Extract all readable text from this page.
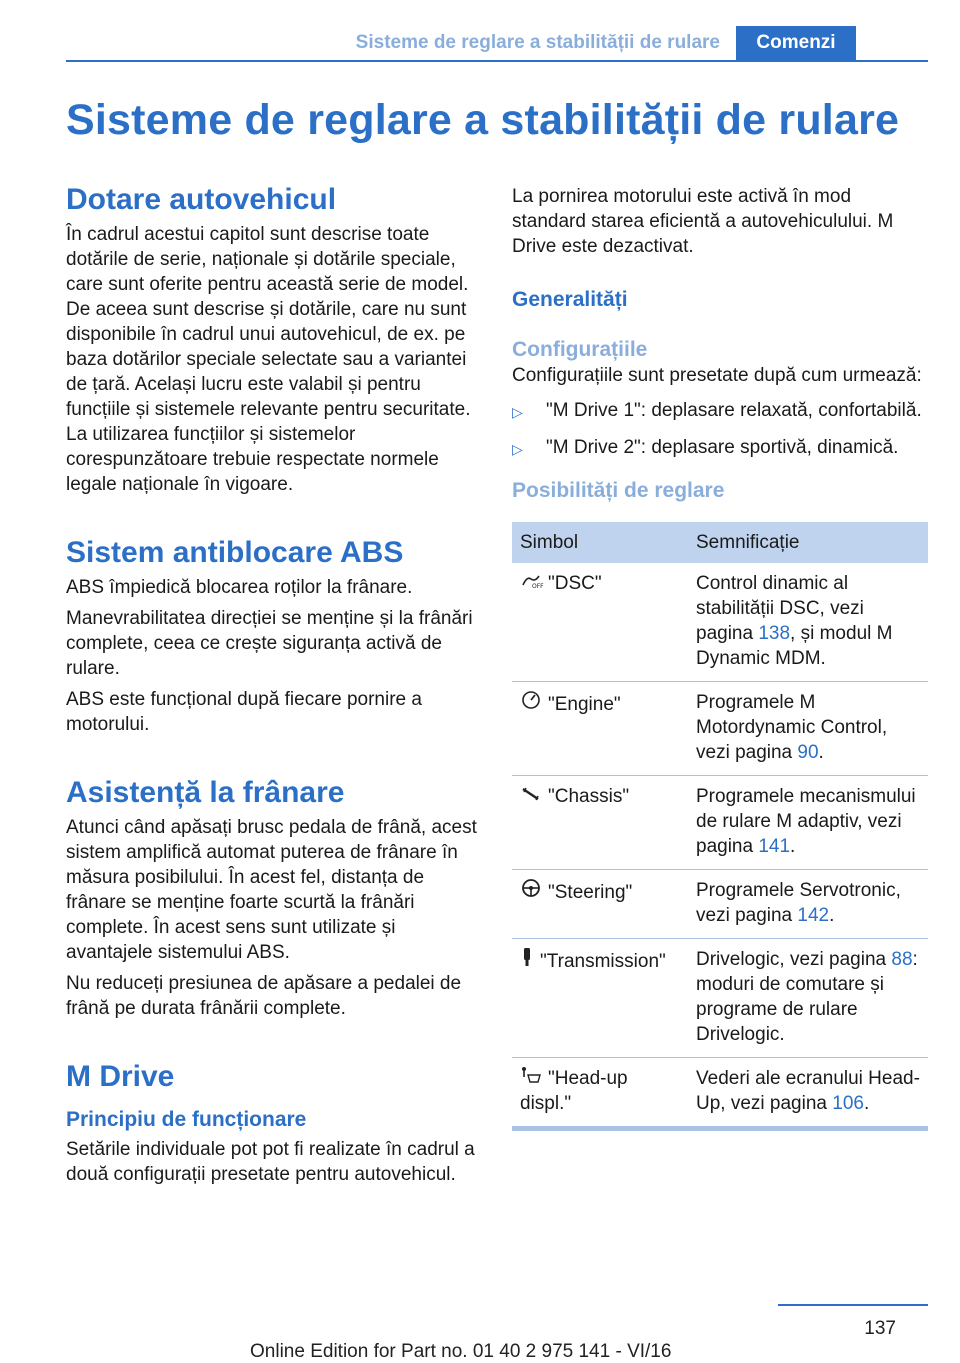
Sisteme de reglare a stabilității de rulare	Comenzi
Sisteme de reglare a stabilității de rulare
Dotare autovehicul

În cadrul acestui capitol sunt descrise toate dotările de serie, naționale și dotările speciale, care sunt oferite pentru această serie de model. De aceea sunt descrise și dotările, care nu sunt disponibile în cadrul unui autovehicul, de ex. pe baza dotărilor speciale selectate sau a variantei de țară. Același lucru este valabil și pentru funcțiile și sistemele relevante pentru securitate. La utilizarea funcțiilor și sistemelor corespunzătoare trebuie respectate normele legale naționale în vigoare.

Sistem antiblocare ABS

ABS împiedică blocarea roților la frânare.

Manevrabilitatea direcției se menține și la frânări complete, ceea ce crește siguranța activă de rulare.

ABS este funcțional după fiecare pornire a motorului.

Asistență la frânare

Atunci când apăsați brusc pedala de frână, acest sistem amplifică automat puterea de frânare în măsura posibilului. În acest fel, distanța de frânare se menține foarte scurtă la frânări complete. În acest sens sunt utilizate și avantajele sistemului ABS.

Nu reduceți presiunea de apăsare a pedalei de frână pe durata frânării complete.

M Drive
Principiu de funcționare

Setările individuale pot pot fi realizate în cadrul a două configurații presetate pentru autovehicul.

La pornirea motorului este activă în mod standard starea eficientă a autovehiculului. M Drive este dezactivat.

Generalități
Configurațiile

Configurațiile sunt presetate după cum urmează:

▷ "M Drive 1": deplasare relaxată, confortabilă.
▷ "M Drive 2": deplasare sportivă, dinamică.
Posibilități de reglare
Simbol	Semnificație

OFF "DSC"	Control dinamic al stabilității DSC, vezi pagina 138, și modul M Dynamic MDM.
"Engine"	Programele M Motordynamic Control, vezi pagina 90.
"Chassis"	Programele mecanismului de rulare M adaptiv, vezi pagina 141.
"Steering"	Programele Servotronic, vezi pagina 142.
"Transmission"	Drivelogic, vezi pagina 88: moduri de comutare și programe de rulare Drivelogic.
"Head-up displ."	Vederi ale ecranului Head-Up, vezi pagina 106.
137
Online Edition for Part no. 01 40 2 975 141 - VI/16
